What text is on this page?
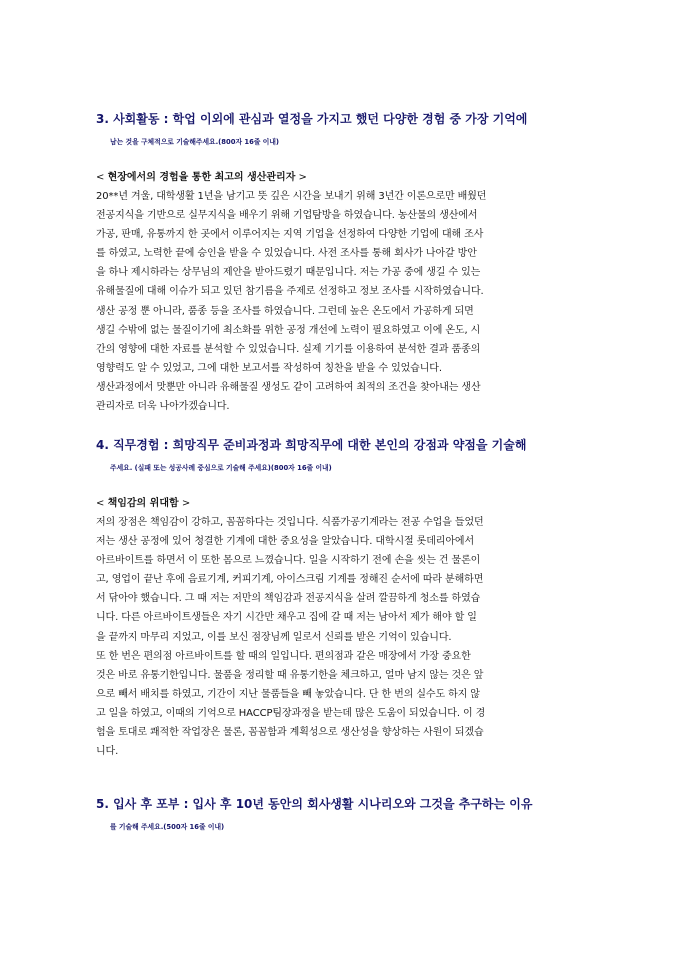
3. 사회활동 : 학업 이외에 관심과 열정을 가지고 했던 다양한 경험 중 가장 기억에
남는 것을 구체적으로 기술해주세요.(800자 16줄 이내)

< 현장에서의 경험을 통한 최고의 생산관리자 >

20**년 겨울, 대학생활 1년을 남기고 뜻 깊은 시간을 보내기 위해 3년간 이론으로만 배웠던
전공지식을 기반으로 실무지식을 배우기 위해 기업탐방을 하였습니다. 농산물의 생산에서
가공, 판매, 유통까지 한 곳에서 이루어지는 지역 기업을 선정하여 다양한 기업에 대해 조사
를 하였고, 노력한 끝에 승인을 받을 수 있었습니다. 사전 조사를 통해 회사가 나아갈 방안
을 하나 제시하라는 상무님의 제안을 받아드렸기 때문입니다. 저는 가공 중에 생길 수 있는
유해물질에 대해 이슈가 되고 있던 참기름을 주제로 선정하고 정보 조사를 시작하였습니다.
생산 공정 뿐 아니라, 품종 등을 조사를 하였습니다. 그런데 높은 온도에서 가공하게 되면
생길 수밖에 없는 물질이기에 최소화를 위한 공정 개선에 노력이 필요하였고 이에 온도, 시
간의 영향에 대한 자료를 분석할 수 있었습니다. 실제 기기를 이용하여 분석한 결과 품종의
영향력도 알 수 있었고, 그에 대한 보고서를 작성하여 칭찬을 받을 수 있었습니다.
생산과정에서 맛뿐만 아니라 유해물질 생성도 같이 고려하여 최적의 조건을 찾아내는 생산
관리자로 더욱 나아가겠습니다.

4. 직무경험 : 희망직무 준비과정과 희망직무에 대한 본인의 강점과 약점을 기술해
주세요. (실패 또는 성공사례 중심으로 기술해 주세요)(800자 16줄 이내)

< 책임감의 위대함 >

저의 장점은 책임감이 강하고, 꼼꼼하다는 것입니다. 식품가공기계라는 전공 수업을 들었던
저는 생산 공정에 있어 청결한 기계에 대한 중요성을 알았습니다. 대학시절 롯데리아에서
아르바이트를 하면서 이 또한 몸으로 느꼈습니다. 일을 시작하기 전에 손을 씻는 건 물론이
고, 영업이 끝난 후에 음료기계, 커피기계, 아이스크림 기계를 정해진 순서에 따라 분해하면
서 닦아야 했습니다. 그 때 저는 저만의 책임감과 전공지식을 살려 깔끔하게 청소를 하였습
니다. 다른 아르바이트생들은 자기 시간만 채우고 집에 갈 때 저는 남아서 제가 해야 할 일
을 끝까지 마무리 지었고, 이를 보신 점장님께 일로서 신뢰를 받은 기억이 있습니다.
또 한 번은 편의점 아르바이트를 할 때의 일입니다. 편의점과 같은 매장에서 가장 중요한
것은 바로 유통기한입니다. 물품을 정리할 때 유통기한을 체크하고, 얼마 남지 않는 것은 앞
으로 빼서 배치를 하였고, 기간이 지난 물품들을 빼 놓았습니다. 단 한 번의 실수도 하지 않
고 일을 하였고, 이때의 기억으로 HACCP팀장과정을 받는데 많은 도움이 되었습니다. 이 경
험을 토대로 쾌적한 작업장은 물론, 꼼꼼함과 계획성으로 생산성을 향상하는 사원이 되겠습
니다.

5. 입사 후 포부 : 입사 후 10년 동안의 회사생활 시나리오와 그것을 추구하는 이유
를 기술해 주세요.(500자 16줄 이내)
